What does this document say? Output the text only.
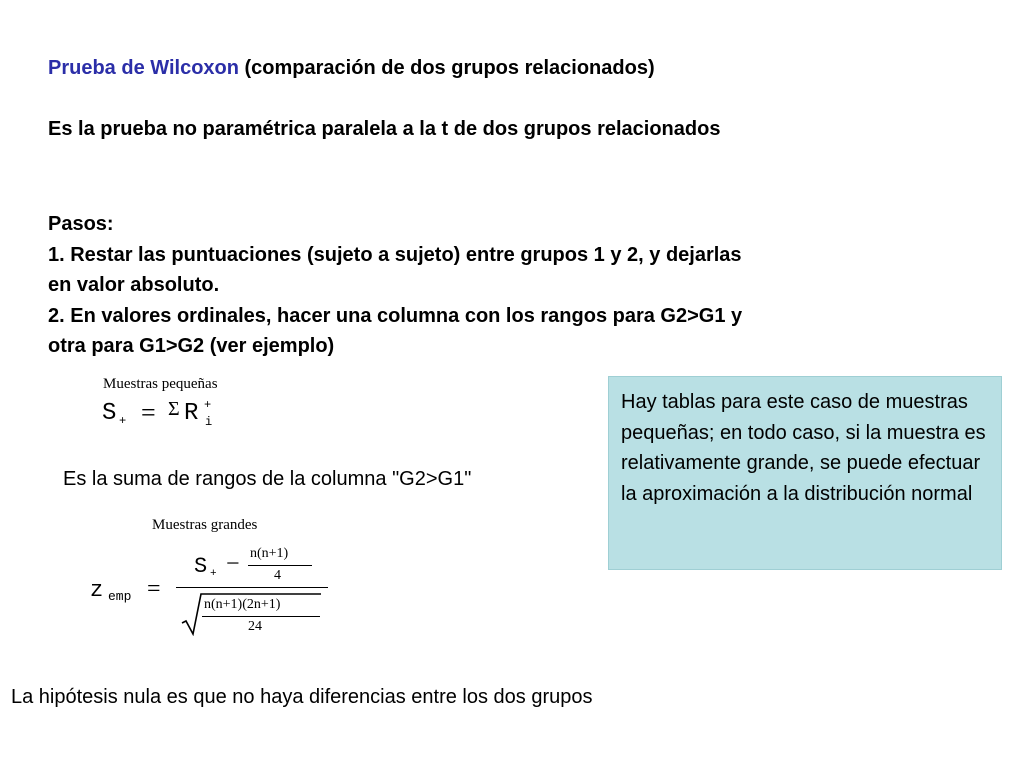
Prueba de Wilcoxon (comparación de dos grupos relacionados)
Es la prueba no paramétrica paralela a la t de dos grupos relacionados
Pasos:
1. Restar las puntuaciones (sujeto a sujeto) entre grupos 1 y 2, y dejarlas
en valor absoluto.
2. En valores ordinales, hacer una columna con los rangos para G2>G1 y
otra para G1>G2 (ver ejemplo)
Muestras pequeñas
S + = Σ R +
i
Es la suma de rangos de la columna "G2>G1"
Muestras grandes
z emp =
S + − n(n+1)
4
n(n+1)(2n+1)
24
Hay tablas para este caso de muestras pequeñas; en todo caso, si la muestra es relativamente grande, se puede efectuar la aproximación a la distribución normal
La hipótesis nula es que no haya diferencias entre los dos grupos
